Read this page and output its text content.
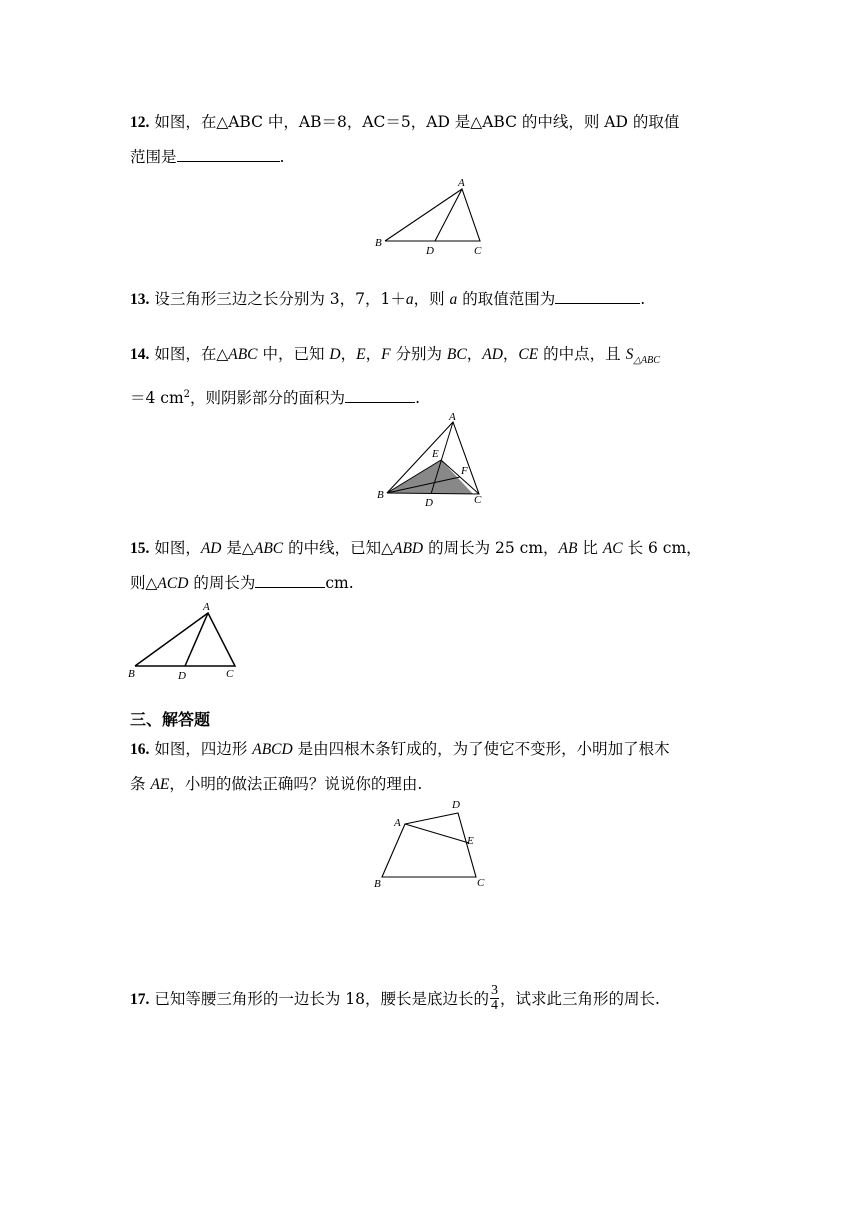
12. 如图，在△ABC 中，AB＝8，AC＝5，AD 是△ABC 的中线，则 AD 的取值
范围是	.
A
B
D	C
13. 设三角形三边之长分别为 3，7，1＋a，则 a 的取值范围为	.
14. 如图，在△ABC 中，已知 D，E，F 分别为 BC，AD，CE 的中点，且 $S_{\triangle ABC}$
＝4 $cm^2$，则阴影部分的面积为	.
A
E
F
B
D	C
15. 如图，AD 是△ABC 的中线，已知△ABD 的周长为 25 cm，AB 比 AC 长 6 cm，
则△ACD 的周长为	cm.
A
B	D	C
三、解答题
16. 如图，四边形 ABCD 是由四根木条钉成的，为了使它不变形，小明加了根木
条 AE，小明的做法正确吗？说说你的理由.
A
D
E
B	C
17. 已知等腰三角形的一边长为 18，腰长是底边长的 $\frac{3}{4}$ ，试求此三角形的周长.
